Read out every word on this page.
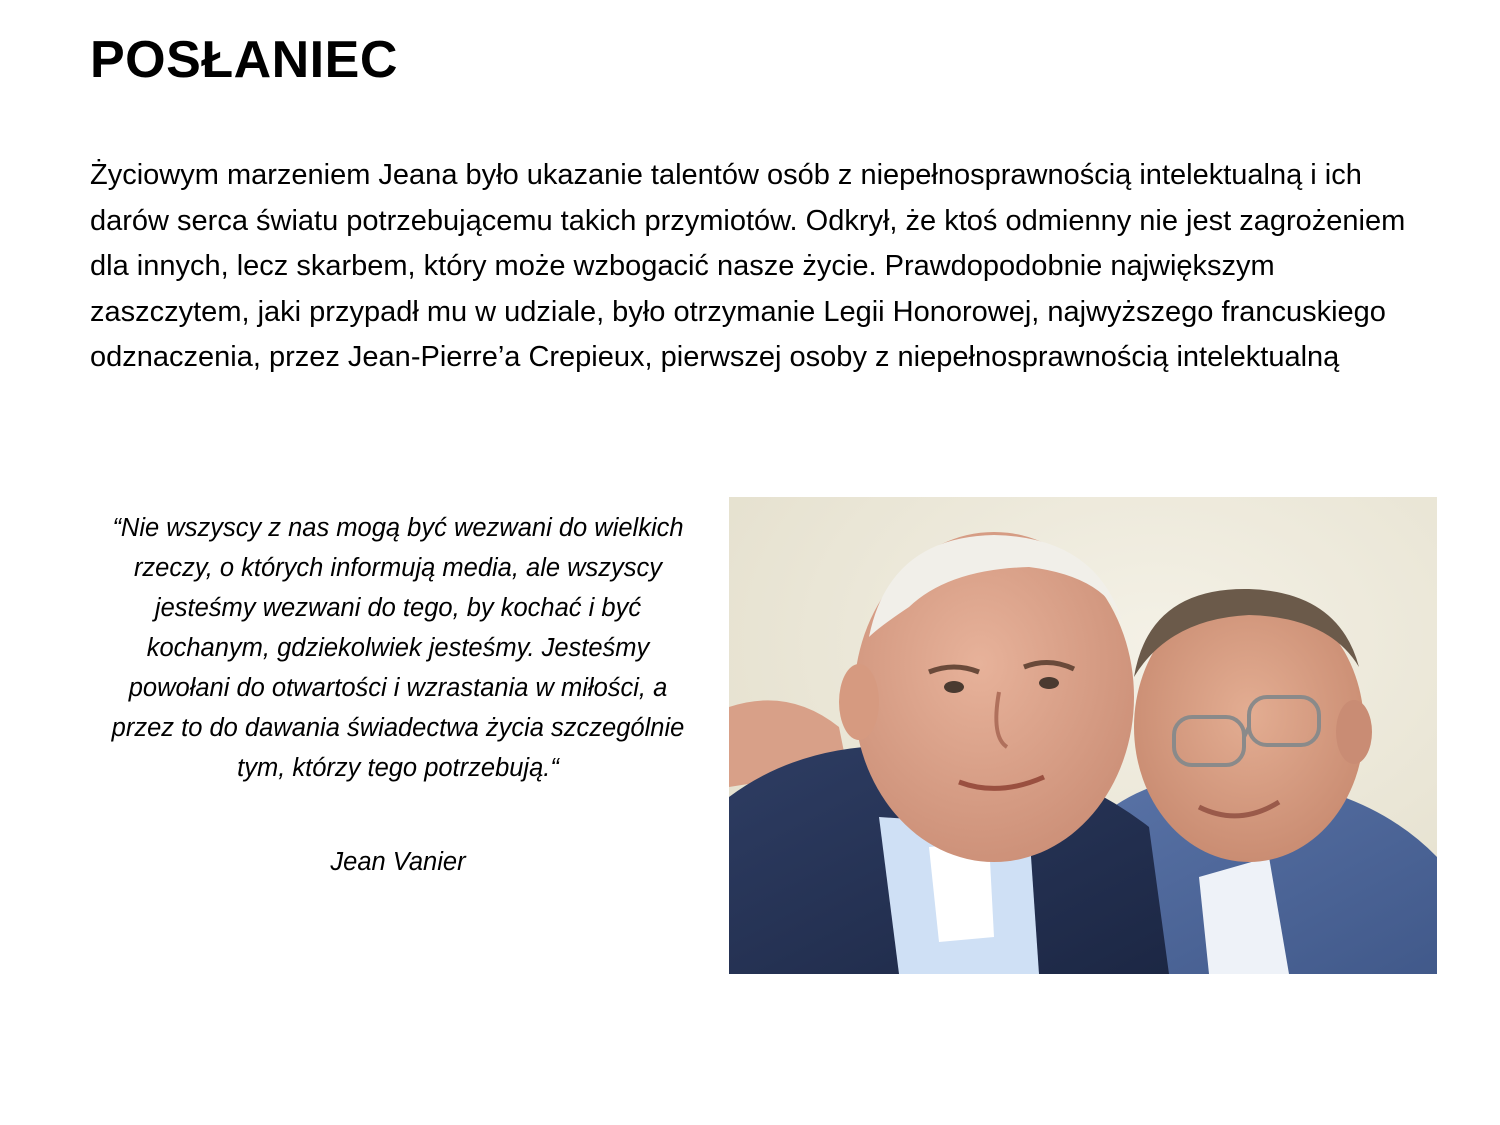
POSŁANIEC

Życiowym marzeniem Jeana było ukazanie talentów osób z niepełnosprawnością intelektualną i ich darów serca światu potrzebującemu takich przymiotów. Odkrył, że ktoś odmienny nie jest zagrożeniem dla innych, lecz skarbem, który może wzbogacić nasze życie. Prawdopodobnie największym zaszczytem, jaki przypadł mu w udziale, było otrzymanie Legii Honorowej, najwyższego francuskiego odznaczenia, przez Jean-Pierre’a Crepieux, pierwszej osoby z niepełnosprawnością intelektualną

“Nie wszyscy z nas mogą być wezwani do wielkich rzeczy, o których informują media, ale wszyscy jesteśmy wezwani do tego, by kochać i być kochanym, gdziekolwiek jesteśmy. Jesteśmy powołani do otwartości i wzrastania w miłości, a przez to do dawania świadectwa życia szczególnie tym, którzy tego potrzebują.“

Jean Vanier
